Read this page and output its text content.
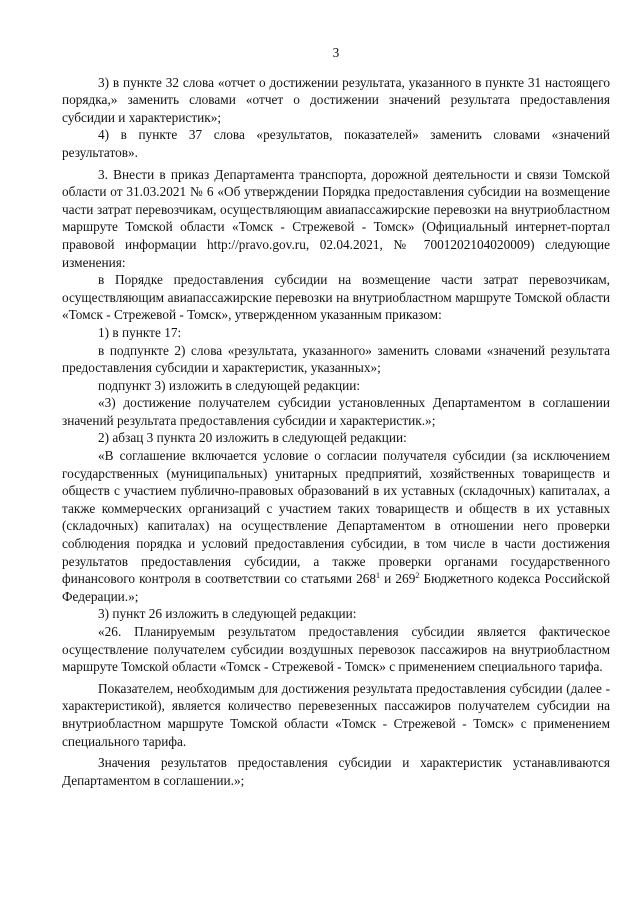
3

3) в пункте 32 слова «отчет о достижении результата, указанного в пункте 31 настоящего порядка,» заменить словами «отчет о достижении значений результата предоставления субсидии и характеристик»;

4) в пункте 37 слова «результатов, показателей» заменить словами «значений результатов».

3. Внести в приказ Департамента транспорта, дорожной деятельности и связи Томской области от 31.03.2021 № 6 «Об утверждении Порядка предоставления субсидии на возмещение части затрат перевозчикам, осуществляющим авиапассажирские перевозки на внутриобластном маршруте Томской области «Томск - Стрежевой - Томск» (Официальный интернет-портал правовой информации http://pravo.gov.ru, 02.04.2021, № 7001202104020009) следующие изменения:

в Порядке предоставления субсидии на возмещение части затрат перевозчикам, осуществляющим авиапассажирские перевозки на внутриобластном маршруте Томской области «Томск - Стрежевой - Томск», утвержденном указанным приказом:

1) в пункте 17:

в подпункте 2) слова «результата, указанного» заменить словами «значений результата предоставления субсидии и характеристик, указанных»;

подпункт 3) изложить в следующей редакции:

«3) достижение получателем субсидии установленных Департаментом в соглашении значений результата предоставления субсидии и характеристик.»;

2) абзац 3 пункта 20 изложить в следующей редакции:

«В соглашение включается условие о согласии получателя субсидии (за исключением государственных (муниципальных) унитарных предприятий, хозяйственных товариществ и обществ с участием публично-правовых образований в их уставных (складочных) капиталах, а также коммерческих организаций с участием таких товариществ и обществ в их уставных (складочных) капиталах) на осуществление Департаментом в отношении него проверки соблюдения порядка и условий предоставления субсидии, в том числе в части достижения результатов предоставления субсидии, а также проверки органами государственного финансового контроля в соответствии со статьями $268^1$ и $269^2$ Бюджетного кодекса Российской Федерации.»;

3) пункт 26 изложить в следующей редакции:

«26. Планируемым результатом предоставления субсидии является фактическое осуществление получателем субсидии воздушных перевозок пассажиров на внутриобластном маршруте Томской области «Томск - Стрежевой - Томск» с применением специального тарифа.

Показателем, необходимым для достижения результата предоставления субсидии (далее - характеристикой), является количество перевезенных пассажиров получателем субсидии на внутриобластном маршруте Томской области «Томск - Стрежевой - Томск» с применением специального тарифа.

Значения результатов предоставления субсидии и характеристик устанавливаются Департаментом в соглашении.»;
